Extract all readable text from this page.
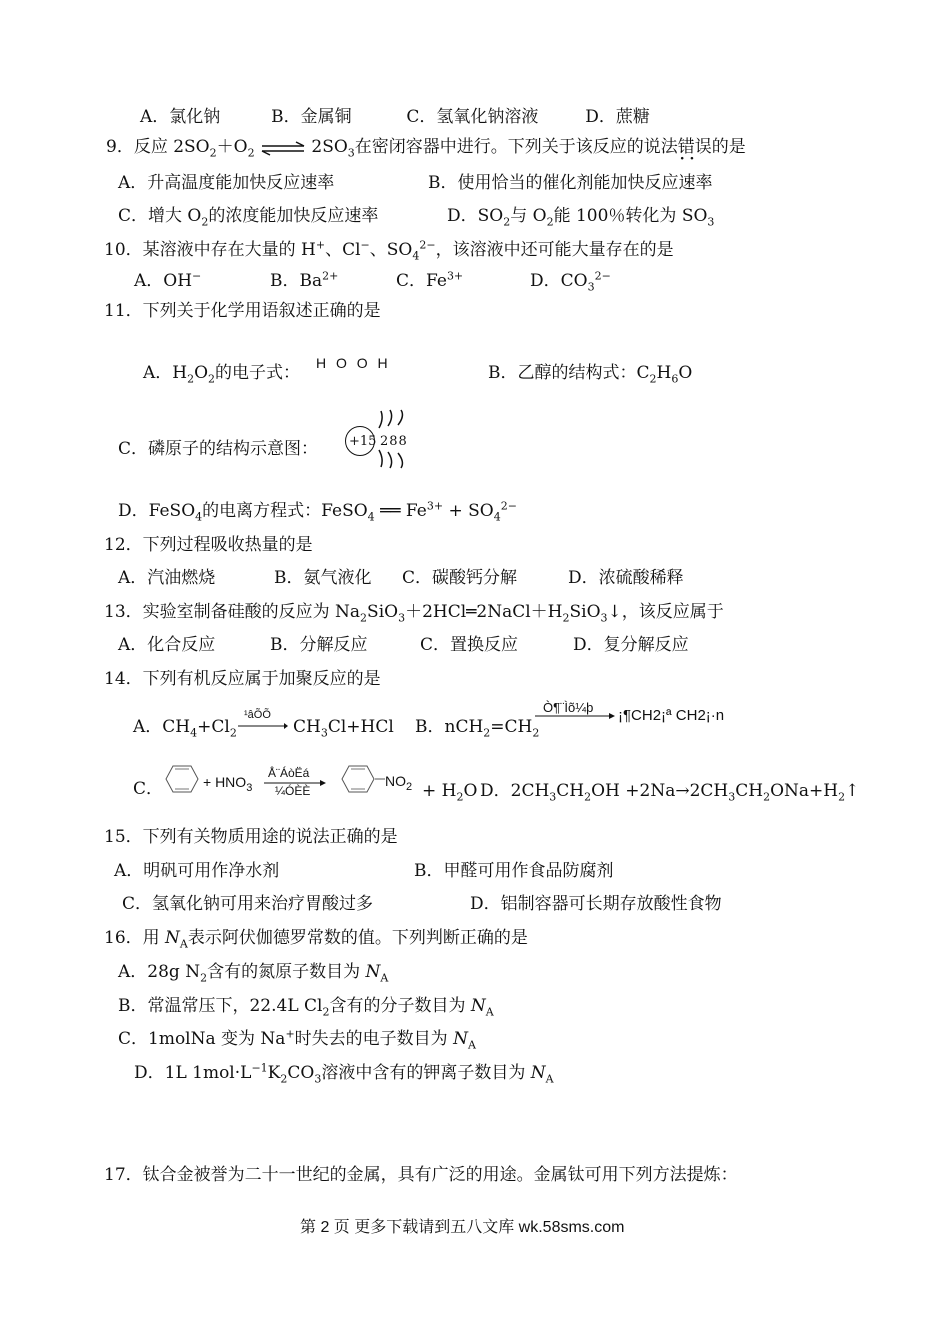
A．氯化钠	B．金属铜	C．氢氧化钠溶液	D．蔗糖
9．反应 $2SO_2+O_2$ ⇌ $2SO_3$在密闭容器中进行。下列关于该反应的说法错误 · ·的是
A．升高温度能加快反应速率	B．使用恰当的催化剂能加快反应速率
C．增大 $O_2$的浓度能加快反应速率	D．$SO_2$与 $O_2$能 100％转化为 $SO_3$
10．某溶液中存在大量的 H+、Cl−、$SO_4^{2-}$，该溶液中还可能大量存在的是
A．OH−	B．$Ba^{2+}$	C．$Fe^{3+}$	D．$CO_3^{2-}$
11．下列关于化学用语叙述正确的是
H O O H
A．$H_2O_2$的电子式：	B．乙醇的结构式：$C_2H_6O$
C．磷原子的结构示意图： +15 288
D．FeSO$_4$的电离方程式：FeSO$_4$ ══ $Fe^{3+} + SO_4^{2-}$
12．下列过程吸收热量的是
A．汽油燃烧	B．氨气液化 C．碳酸钙分解	D．浓硫酸稀释
13．实验室制备硅酸的反应为 $Na_2SiO_3+2HCl═2NaCl+H_2SiO_3↓$，该反应属于
A．化合反应	B．分解反应	C．置换反应	D．复分解反应
14．下列有机反应属于加聚反应的是
A．$CH_4+Cl_2$
¹âÕÕ
→ $CH_3Cl+HCl$ B．$nCH_2=CH_2$
Ò¶¨Ìõ¼þ ¡¶CH2¡ª CH2¡·n
C．	+ $HNO_3$
Å¨ÁòËá
¼ÓÈÈ
$NO_2 + H_2O$ D．$2CH_3CH_2OH$ $+2Na\to 2CH_3CH_2ONa+H_2↑$
15．下列有关物质用途的说法正确的是
A．明矾可用作净水剂	B．甲醛可用作食品防腐剂
C．氢氧化钠可用来治疗胃酸过多	D．铝制容器可长期存放酸性食物
16．用 $N_A$表示阿伏伽德罗常数的值。下列判断正确的是
A．28g $N_2$含有的氮原子数目为 $N_A$
B．常温常压下，22.4L $Cl_2$含有的分子数目为 $N_A$
C．1molNa 变为 Na+时失去的电子数目为 $N_A$
D．1L $1mol\cdot L^{-1}K_2CO_3$溶液中含有的钾离子数目为 $N_A$
17．钛合金被誉为二十一世纪的金属，具有广泛的用途。金属钛可用下列方法提炼：
第 2 页 更多下载请到五八文库 wk.58sms.com
